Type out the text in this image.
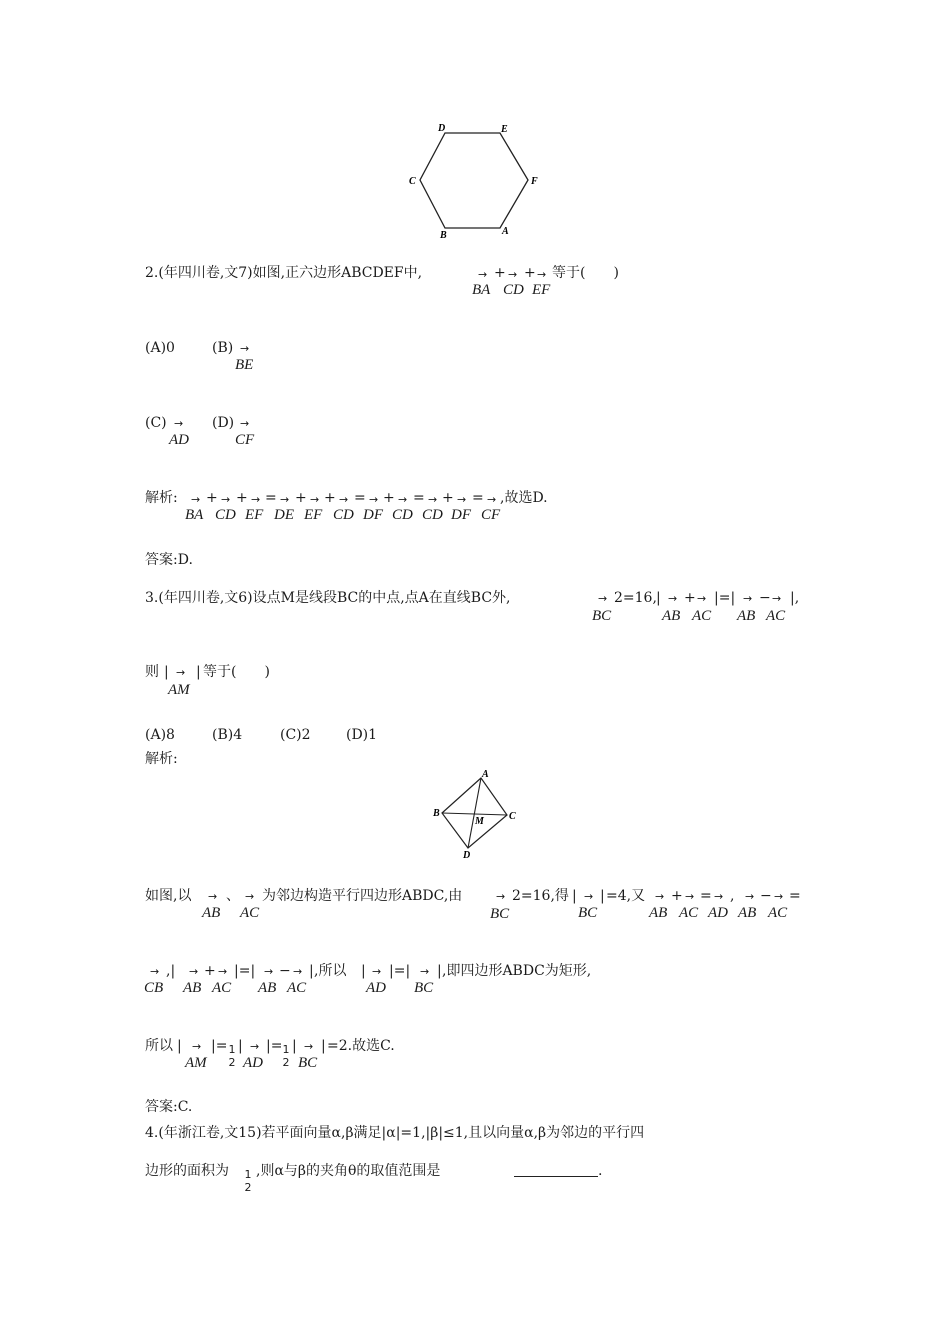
D	E
C	F
B	A
2.(年四川卷,文7)如图,正六边形ABCDEF中,	→
BA
+ →
CD
+ →
EF
等于(　　)
(A)0	(B) →
BE
(C) →
AD
(D) →
CF
解析:
BA CD EF DE EF CD DF CD CD DF CF
→ + → + → = → + → + → = → + → = → + → = → ,故选D.
答案:D.
3.(年四川卷,文6)设点M是线段BC的中点,点A在直线BC外,	→
BC
2=16, | →
AB
+ →
AC
|=| →
AB
− →
AC
|,
则 | →
AM
| 等于(　　)
(A)8	(B)4	(C)2	(D)1
解析:
A
B
M	C
D
如图,以 →
AB
、 →
AC
为邻边构造平行四边形ABDC,由	→
BC
2=16,得 | →
BC
| =4,又 →
AB
+ →
AC
= →
AD
, →
AB
− →
AC
=
→
CB
,| →
AB
+ →
AC
|=| →
AB
− →
AC
| ,所以 | →
AD
|=| →
BC
| ,即四边形ABDC为矩形,
所以 | →
AM
|= 1
2
| →
AD
|= 1
2
| →
BC
| =2.故选C.
答案:C.
4.(年浙江卷,文15)若平面向量α,β满足|α|=1,|β|≤1,且以向量α,β为邻边的平行四
边形的面积为 1
2
,则α与β的夹角θ的取值范围是	.
